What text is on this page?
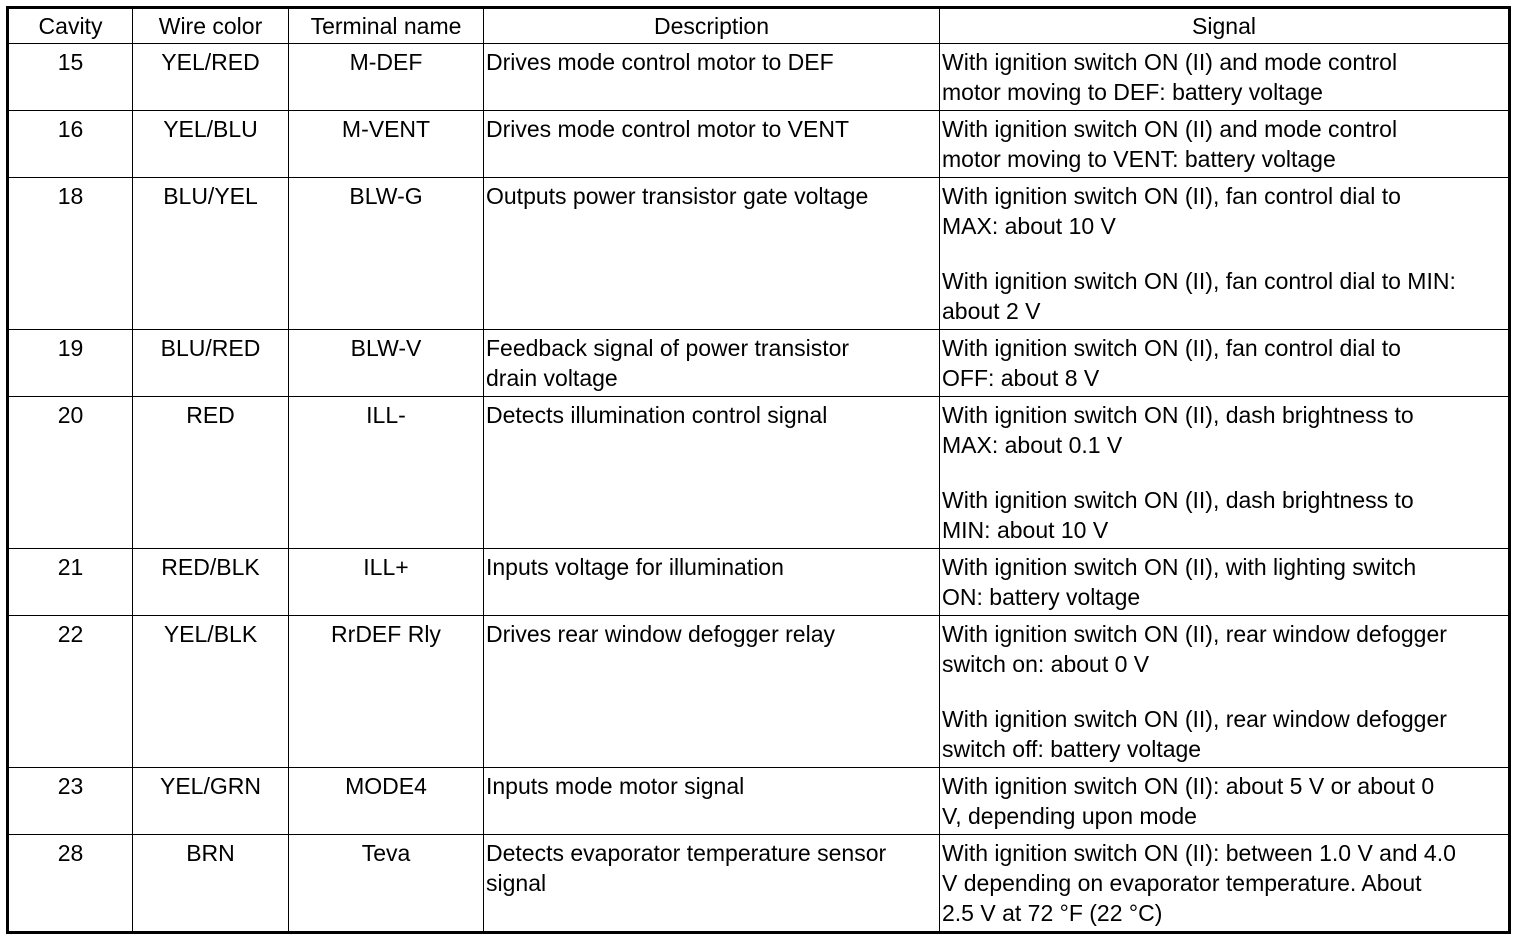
Cavity	Wire color	Terminal name	Description	Signal
15	YEL/RED	M-DEF	Drives mode control motor to DEF	With ignition switch ON (II) and mode control
motor moving to DEF: battery voltage

16	YEL/BLU	M-VENT	Drives mode control motor to VENT	With ignition switch ON (II) and mode control
motor moving to VENT: battery voltage

18	BLU/YEL	BLW-G	Outputs power transistor gate voltage	With ignition switch ON (II), fan control dial to
MAX: about 10 V
With ignition switch ON (II), fan control dial to MIN:
about 2 V

19	BLU/RED	BLW-V	Feedback signal of power transistor
drain voltage	With ignition switch ON (II), fan control dial to
OFF: about 8 V

20	RED	ILL-	Detects illumination control signal	With ignition switch ON (II), dash brightness to
MAX: about 0.1 V
With ignition switch ON (II), dash brightness to
MIN: about 10 V

21	RED/BLK	ILL+	Inputs voltage for illumination	With ignition switch ON (II), with lighting switch
ON: battery voltage

22	YEL/BLK	RrDEF Rly	Drives rear window defogger relay	With ignition switch ON (II), rear window defogger
switch on: about 0 V
With ignition switch ON (II), rear window defogger
switch off: battery voltage

23	YEL/GRN	MODE4	Inputs mode motor signal	With ignition switch ON (II): about 5 V or about 0
V, depending upon mode

28	BRN	Teva	Detects evaporator temperature sensor
signal	With ignition switch ON (II): between 1.0 V and 4.0
V depending on evaporator temperature. About
2.5 V at 72 °F (22 °C)
